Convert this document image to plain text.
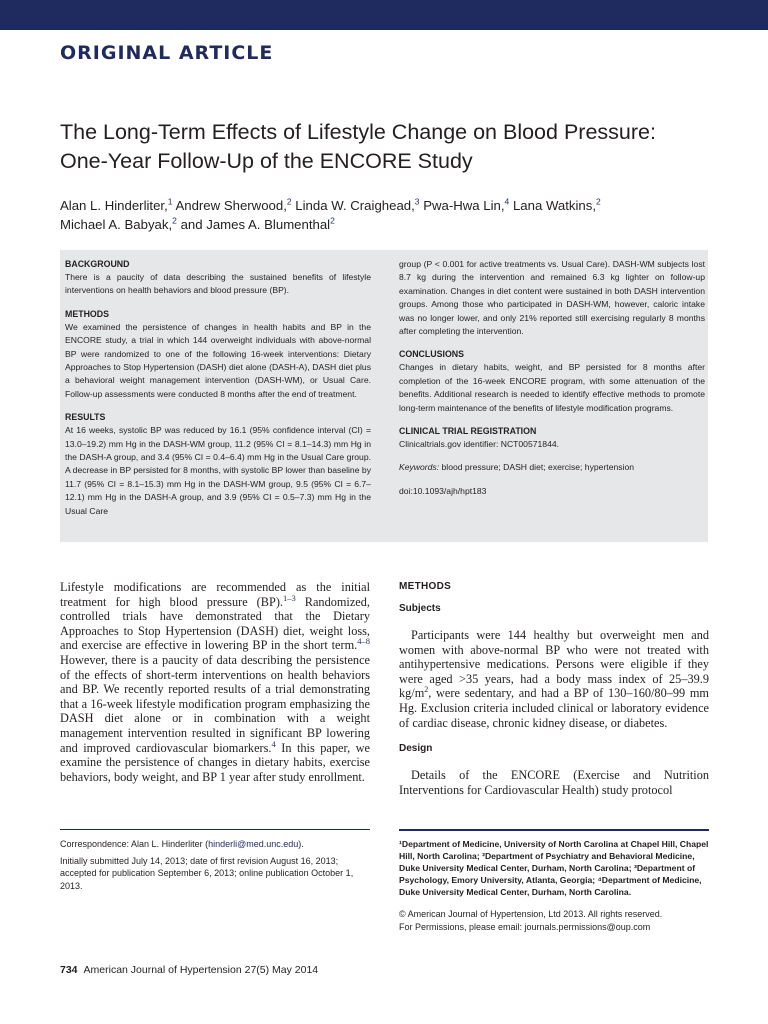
ORIGINAL ARTICLE
The Long-Term Effects of Lifestyle Change on Blood Pressure: One-Year Follow-Up of the ENCORE Study
Alan L. Hinderliter,$^1$ Andrew Sherwood,$^2$ Linda W. Craighead,$^3$ Pwa-Hwa Lin,$^4$ Lana Watkins,$^2$
Michael A. Babyak,$^2$ and James A. Blumenthal$^2$
BACKGROUND

There is a paucity of data describing the sustained benefits of lifestyle interventions on health behaviors and blood pressure (BP).

METHODS

We examined the persistence of changes in health habits and BP in the ENCORE study, a trial in which 144 overweight individuals with above-normal BP were randomized to one of the following 16-week interventions: Dietary Approaches to Stop Hypertension (DASH) diet alone (DASH-A), DASH diet plus a behavioral weight management intervention (DASH-WM), or Usual Care. Follow-up assessments were conducted 8 months after the end of treatment.

RESULTS

At 16 weeks, systolic BP was reduced by 16.1 (95% confidence interval (CI) = 13.0–19.2) mm Hg in the DASH-WM group, 11.2 (95% CI = 8.1–14.3) mm Hg in the DASH-A group, and 3.4 (95% CI = 0.4–6.4) mm Hg in the Usual Care group. A decrease in BP persisted for 8 months, with systolic BP lower than baseline by 11.7 (95% CI = 8.1–15.3) mm Hg in the DASH-WM group, 9.5 (95% CI = 6.7–12.1) mm Hg in the DASH-A group, and 3.9 (95% CI = 0.5–7.3) mm Hg in the Usual Care

group (P < 0.001 for active treatments vs. Usual Care). DASH-WM subjects lost 8.7 kg during the intervention and remained 6.3 kg lighter on follow-up examination. Changes in diet content were sustained in both DASH intervention groups. Among those who participated in DASH-WM, however, caloric intake was no longer lower, and only 21% reported still exercising regularly 8 months after completing the intervention.

CONCLUSIONS

Changes in dietary habits, weight, and BP persisted for 8 months after completion of the 16-week ENCORE program, with some attenuation of the benefits. Additional research is needed to identify effective methods to promote long-term maintenance of the benefits of lifestyle modification programs.

CLINICAL TRIAL REGISTRATION

Clinicaltrials.gov identifier: NCT00571844.

Keywords: blood pressure; DASH diet; exercise; hypertension

doi:10.1093/ajh/hpt183

Lifestyle modifications are recommended as the initial treatment for high blood pressure (BP).$^{1-3}$ Randomized, controlled trials have demonstrated that the Dietary Approaches to Stop Hypertension (DASH) diet, weight loss, and exercise are effective in lowering BP in the short term.$^{4-8}$ However, there is a paucity of data describing the persistence of the effects of short-term interventions on health behaviors and BP. We recently reported results of a trial demonstrating that a 16-week lifestyle modification program emphasizing the DASH diet alone or in combination with a weight management intervention resulted in significant BP lowering and improved cardiovascular biomarkers.$^4$ In this paper, we examine the persistence of changes in dietary habits, exercise behaviors, body weight, and BP 1 year after study enrollment.

METHODS
Subjects

Participants were 144 healthy but overweight men and women with above-normal BP who were not treated with antihypertensive medications. Persons were eligible if they were aged >35 years, had a body mass index of 25–39.9 $kg/m^2$, were sedentary, and had a BP of 130–160/80–99 mm Hg. Exclusion criteria included clinical or laboratory evidence of cardiac disease, chronic kidney disease, or diabetes.

Design

Details of the ENCORE (Exercise and Nutrition Interventions for Cardiovascular Health) study protocol

Correspondence: Alan L. Hinderliter (hinderli@med.unc.edu).

Initially submitted July 14, 2013; date of first revision August 16, 2013; accepted for publication September 6, 2013; online publication October 1, 2013.

¹Department of Medicine, University of North Carolina at Chapel Hill, Chapel Hill, North Carolina; ²Department of Psychiatry and Behavioral Medicine, Duke University Medical Center, Durham, North Carolina; ³Department of Psychology, Emory University, Atlanta, Georgia; ⁴Department of Medicine, Duke University Medical Center, Durham, North Carolina.

© American Journal of Hypertension, Ltd 2013. All rights reserved.

For Permissions, please email: journals.permissions@oup.com

734 American Journal of Hypertension 27(5) May 2014
